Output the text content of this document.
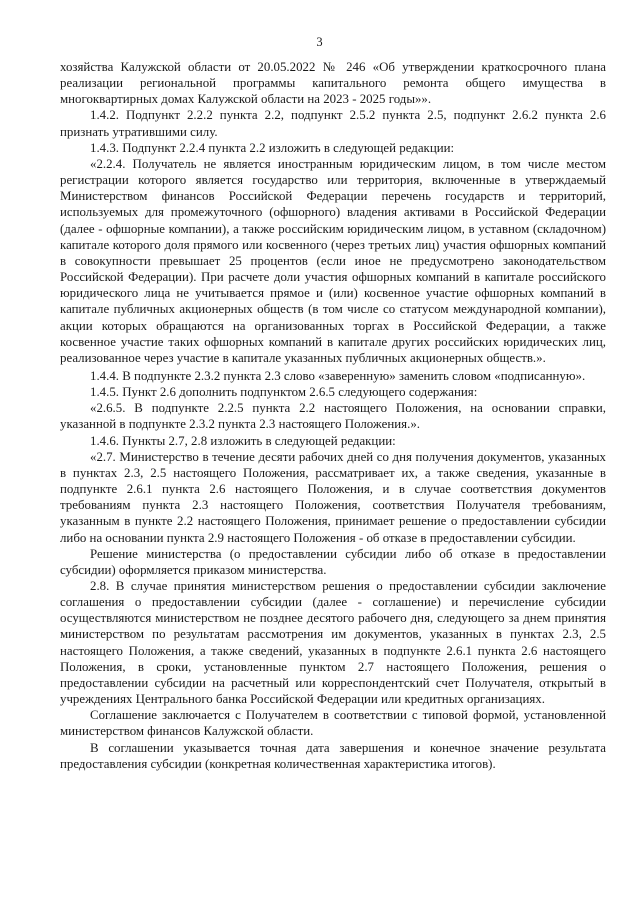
3

хозяйства Калужской области от 20.05.2022 № 246 «Об утверждении краткосрочного плана реализации региональной программы капитального ремонта общего имущества в многоквартирных домах Калужской области на 2023 - 2025 годы»».

1.4.2. Подпункт 2.2.2 пункта 2.2, подпункт 2.5.2 пункта 2.5, подпункт 2.6.2 пункта 2.6 признать утратившими силу.

1.4.3. Подпункт 2.2.4 пункта 2.2 изложить в следующей редакции:

«2.2.4. Получатель не является иностранным юридическим лицом, в том числе местом регистрации которого является государство или территория, включенные в утверждаемый Министерством финансов Российской Федерации перечень государств и территорий, используемых для промежуточного (офшорного) владения активами в Российской Федерации (далее - офшорные компании), а также российским юридическим лицом, в уставном (складочном) капитале которого доля прямого или косвенного (через третьих лиц) участия офшорных компаний в совокупности превышает 25 процентов (если иное не предусмотрено законодательством Российской Федерации). При расчете доли участия офшорных компаний в капитале российского юридического лица не учитывается прямое и (или) косвенное участие офшорных компаний в капитале публичных акционерных обществ (в том числе со статусом международной компании), акции которых обращаются на организованных торгах в Российской Федерации, а также косвенное участие таких офшорных компаний в капитале других российских юридических лиц, реализованное через участие в капитале указанных публичных акционерных обществ.».

1.4.4. В подпункте 2.3.2 пункта 2.3 слово «заверенную» заменить словом «подписанную».

1.4.5. Пункт 2.6 дополнить подпунктом 2.6.5 следующего содержания:

«2.6.5. В подпункте 2.2.5 пункта 2.2 настоящего Положения, на основании справки, указанной в подпункте 2.3.2 пункта 2.3 настоящего Положения.».

1.4.6. Пункты 2.7, 2.8 изложить в следующей редакции:

«2.7. Министерство в течение десяти рабочих дней со дня получения документов, указанных в пунктах 2.3, 2.5 настоящего Положения, рассматривает их, а также сведения, указанные в подпункте 2.6.1 пункта 2.6 настоящего Положения, и в случае соответствия документов требованиям пункта 2.3 настоящего Положения, соответствия Получателя требованиям, указанным в пункте 2.2 настоящего Положения, принимает решение о предоставлении субсидии либо на основании пункта 2.9 настоящего Положения - об отказе в предоставлении субсидии.

Решение министерства (о предоставлении субсидии либо об отказе в предоставлении субсидии) оформляется приказом министерства.

2.8. В случае принятия министерством решения о предоставлении субсидии заключение соглашения о предоставлении субсидии (далее - соглашение) и перечисление субсидии осуществляются министерством не позднее десятого рабочего дня, следующего за днем принятия министерством по результатам рассмотрения им документов, указанных в пунктах 2.3, 2.5 настоящего Положения, а также сведений, указанных в подпункте 2.6.1 пункта 2.6 настоящего Положения, в сроки, установленные пунктом 2.7 настоящего Положения, решения о предоставлении субсидии на расчетный или корреспондентский счет Получателя, открытый в учреждениях Центрального банка Российской Федерации или кредитных организациях.

Соглашение заключается с Получателем в соответствии с типовой формой, установленной министерством финансов Калужской области.

В соглашении указывается точная дата завершения и конечное значение результата предоставления субсидии (конкретная количественная характеристика итогов).
